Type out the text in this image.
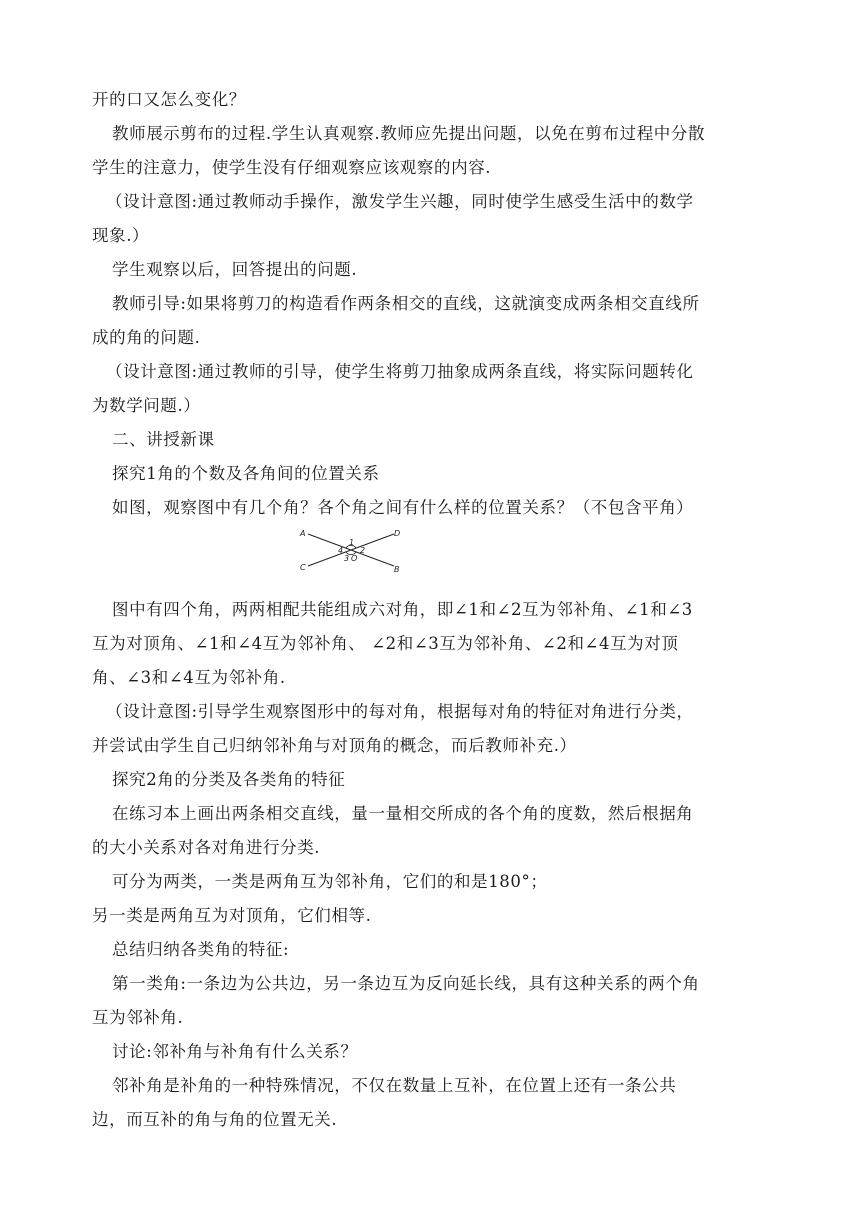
开的口又怎么变化？
教师展示剪布的过程.学生认真观察.教师应先提出问题，以免在剪布过程中分散
学生的注意力，使学生没有仔细观察应该观察的内容.
（设计意图:通过教师动手操作，激发学生兴趣，同时使学生感受生活中的数学
现象.）
学生观察以后，回答提出的问题.
教师引导:如果将剪刀的构造看作两条相交的直线，这就演变成两条相交直线所
成的角的问题.
（设计意图:通过教师的引导，使学生将剪刀抽象成两条直线，将实际问题转化
为数学问题.）
二、讲授新课
探究1角的个数及各角间的位置关系
如图，观察图中有几个角？各个角之间有什么样的位置关系？（不包含平角）
A	D
C	B
O
1
2
3
4
图中有四个角，两两相配共能组成六对角，即∠1和∠2互为邻补角、∠1和∠3
互为对顶角、∠1和∠4互为邻补角、 ∠2和∠3互为邻补角、∠2和∠4互为对顶
角、∠3和∠4互为邻补角.
（设计意图:引导学生观察图形中的每对角，根据每对角的特征对角进行分类，
并尝试由学生自己归纳邻补角与对顶角的概念，而后教师补充.）
探究2角的分类及各类角的特征
在练习本上画出两条相交直线，量一量相交所成的各个角的度数，然后根据角
的大小关系对各对角进行分类.
可分为两类，一类是两角互为邻补角，它们的和是180°；
另一类是两角互为对顶角，它们相等.
总结归纳各类角的特征:
第一类角:一条边为公共边，另一条边互为反向延长线，具有这种关系的两个角
互为邻补角.
讨论:邻补角与补角有什么关系？
邻补角是补角的一种特殊情况，不仅在数量上互补，在位置上还有一条公共
边，而互补的角与角的位置无关.
